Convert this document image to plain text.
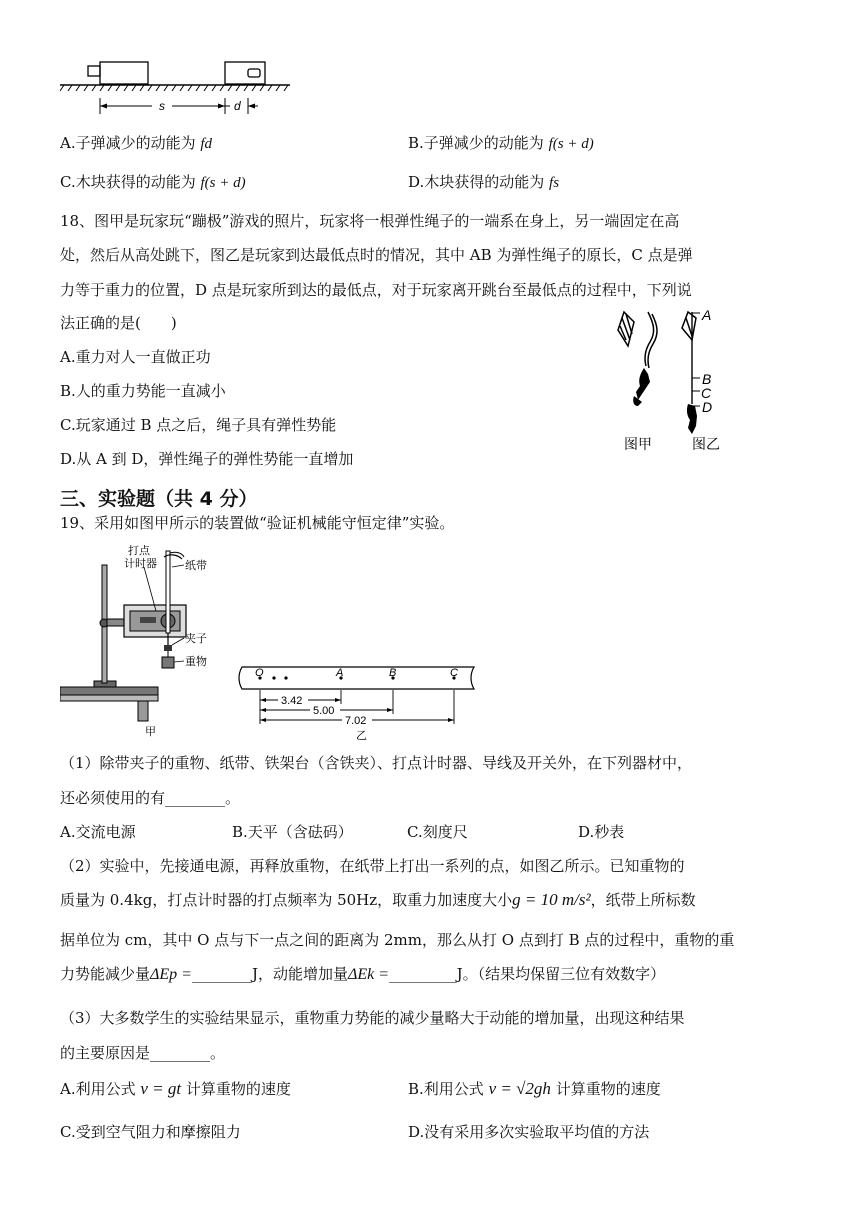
s	d
A.子弹减少的动能为 fd	B.子弹减少的动能为 f(s + d)
C.木块获得的动能为 f(s + d)	D.木块获得的动能为 fs
18、图甲是玩家玩“蹦极”游戏的照片，玩家将一根弹性绳子的一端系在身上，另一端固定在高
处，然后从高处跳下，图乙是玩家到达最低点时的情况，其中 AB 为弹性绳子的原长，C 点是弹
力等于重力的位置，D 点是玩家所到达的最低点，对于玩家离开跳台至最低点的过程中，下列说
法正确的是(　　)
A.重力对人一直做正功
B.人的重力势能一直减小
C.玩家通过 B 点之后，绳子具有弹性势能
D.从 A 到 D，弹性绳子的弹性势能一直增加
A
B
C
D
图甲	图乙
三、实验题（共 4 分）
19、采用如图甲所示的装置做“验证机械能守恒定律”实验。
打点
计时器	纸带
夹子
重物
甲
O	A	B	C
3.42
5.00
7.02
乙
（1）除带夹子的重物、纸带、铁架台（含铁夹）、打点计时器、导线及开关外，在下列器材中，
还必须使用的有________。
A.交流电源	B.天平（含砝码）	C.刻度尺	D.秒表
（2）实验中，先接通电源，再释放重物，在纸带上打出一系列的点，如图乙所示。已知重物的
质量为 0.4kg，打点计时器的打点频率为 50Hz，取重力加速度大小g = 10 m/s²，纸带上所标数
据单位为 cm，其中 O 点与下一点之间的距离为 2mm，那么从打 O 点到打 B 点的过程中，重物的重
力势能减少量ΔEp =________J，动能增加量ΔEk =_________J。（结果均保留三位有效数字）
（3）大多数学生的实验结果显示，重物重力势能的减少量略大于动能的增加量，出现这种结果
的主要原因是________。
A.利用公式 v = gt 计算重物的速度	B.利用公式 v = √2gh 计算重物的速度
C.受到空气阻力和摩擦阻力	D.没有采用多次实验取平均值的方法
